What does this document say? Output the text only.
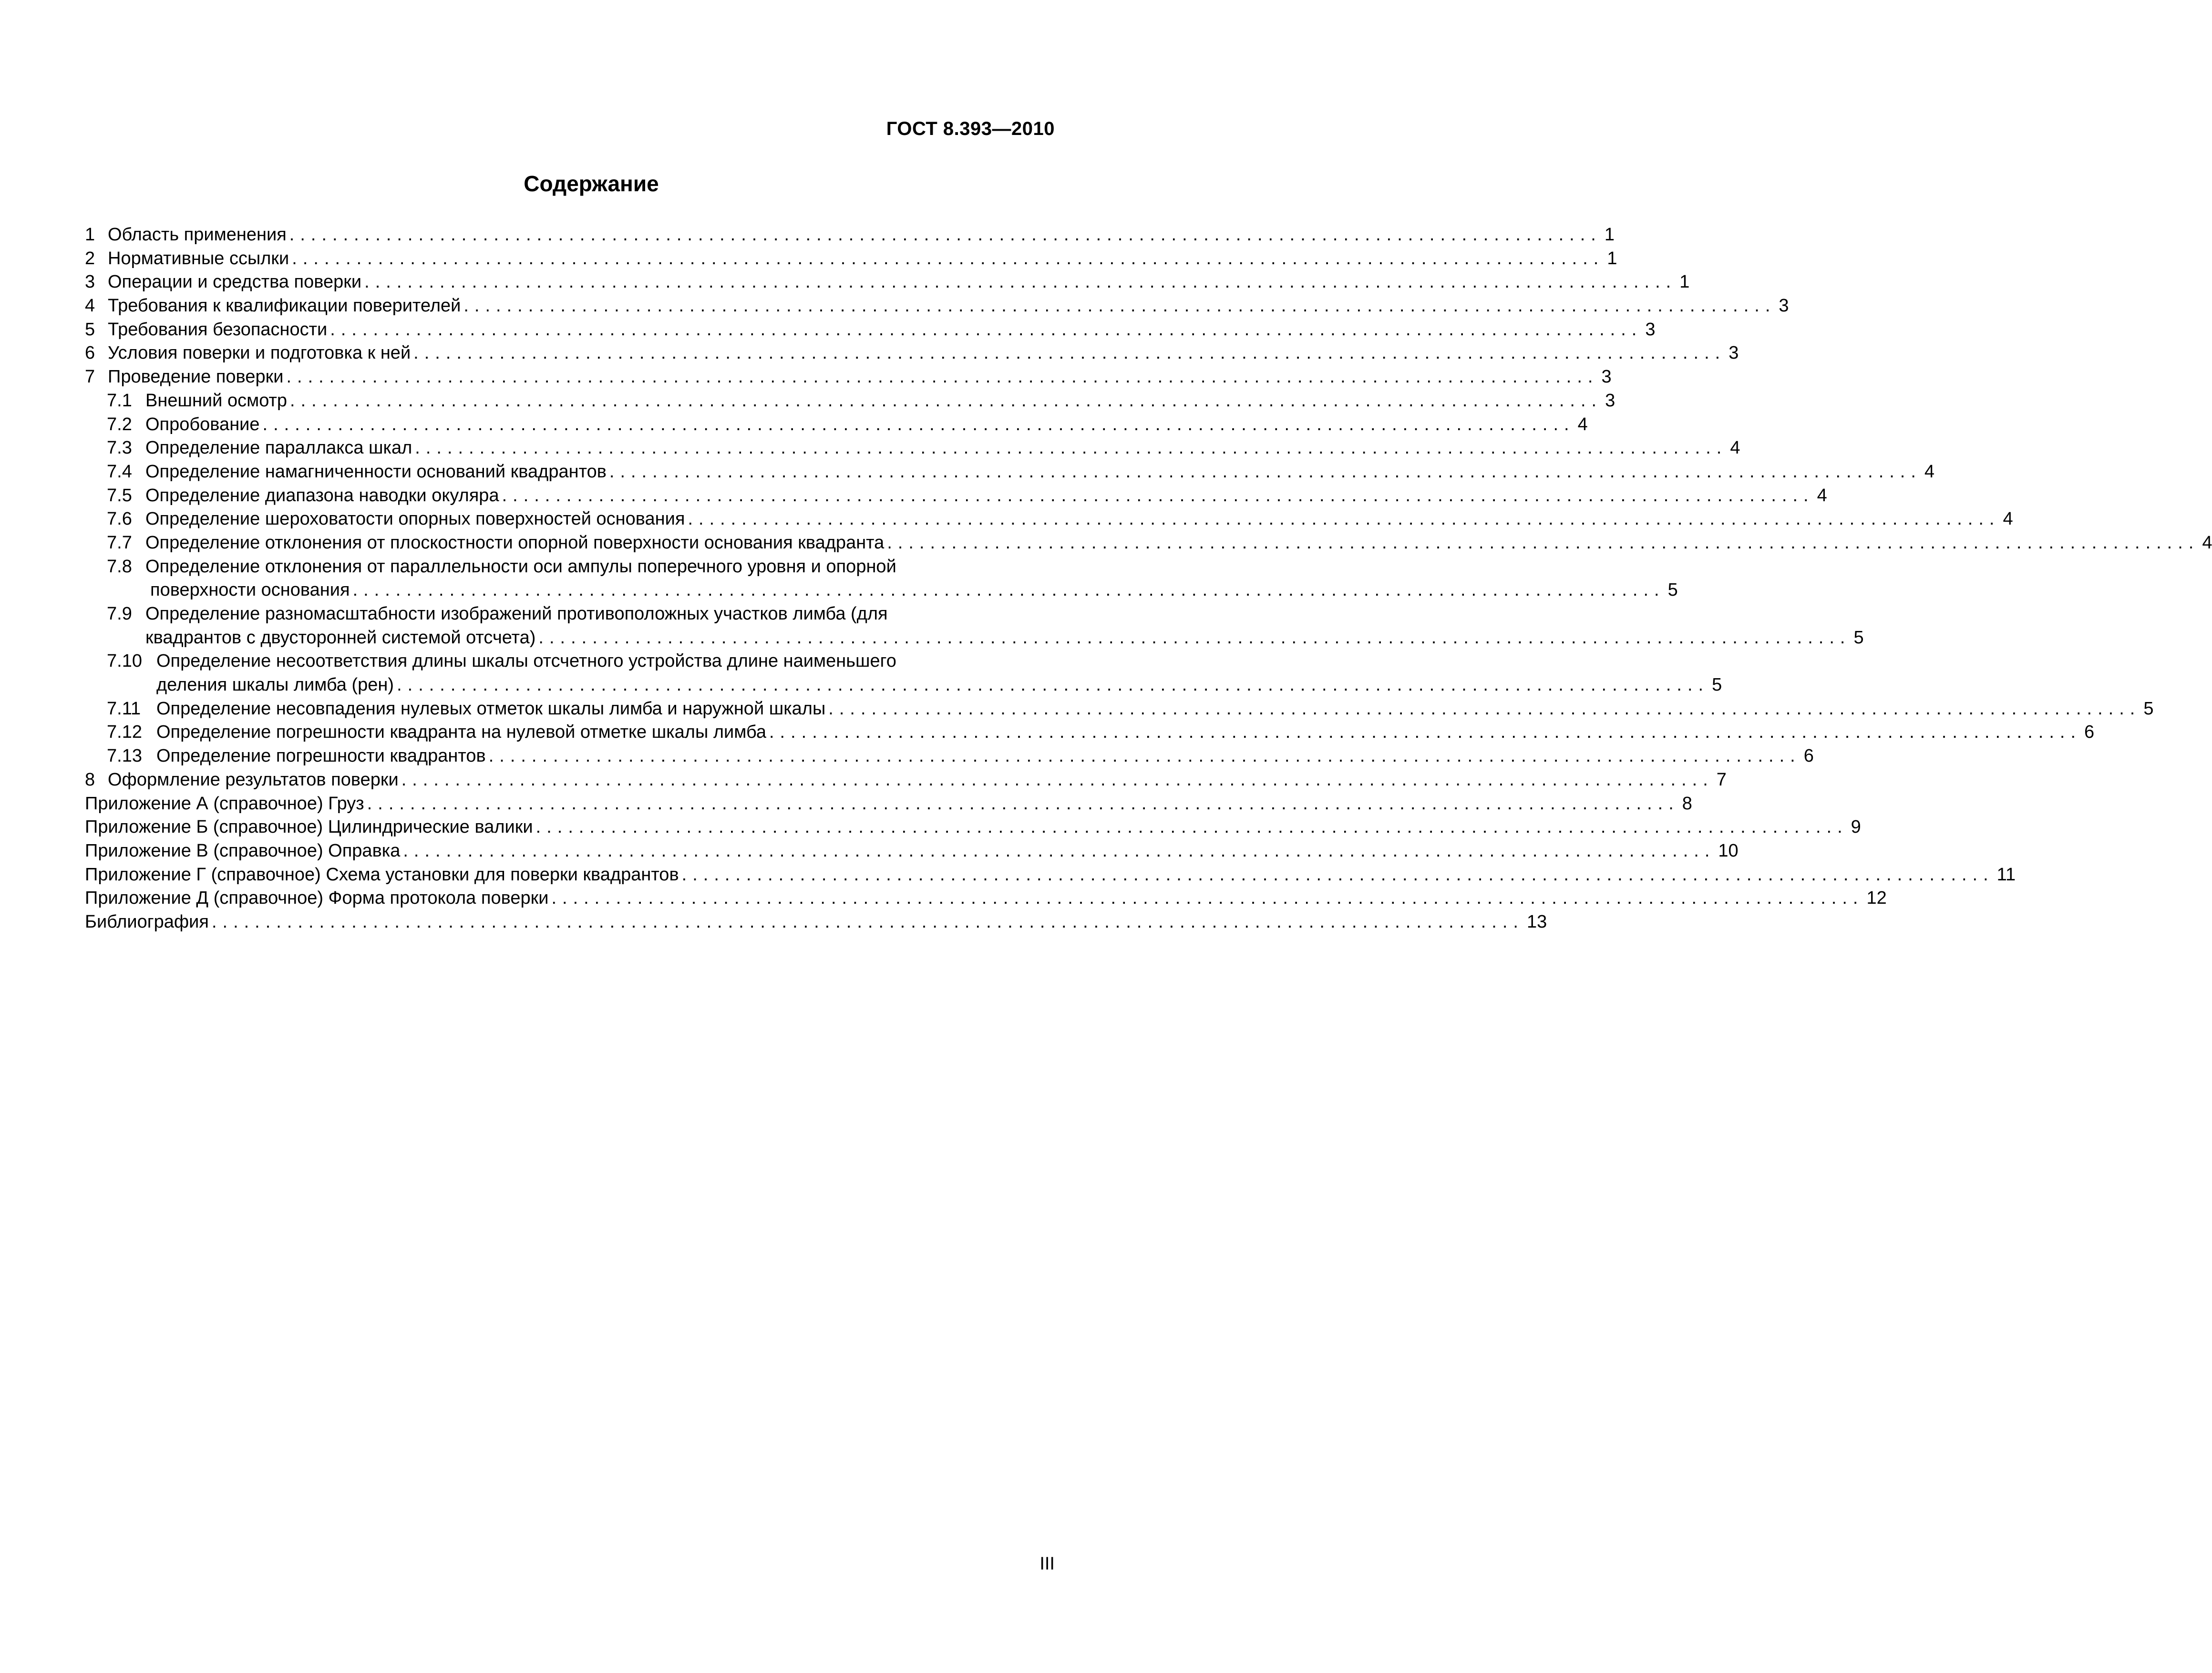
ГОСТ 8.393—2010
Содержание
1 Область применения .......................................................................................................................... 1
2 Нормативные ссылки .......................................................................................................................... 1
3 Операции и средства поверки .......................................................................................................................... 1
4 Требования к квалификации поверителей .......................................................................................................................... 3
5 Требования безопасности .......................................................................................................................... 3
6 Условия поверки и подготовка к ней .......................................................................................................................... 3
7 Проведение поверки .......................................................................................................................... 3
7.1 Внешний осмотр .......................................................................................................................... 3
7.2 Опробование .......................................................................................................................... 4
7.3 Определение параллакса шкал .......................................................................................................................... 4
7.4 Определение намагниченности оснований квадрантов .......................................................................................................................... 4
7.5 Определение диапазона наводки окуляра .......................................................................................................................... 4
7.6 Определение шероховатости опорных поверхностей основания .......................................................................................................................... 4
7.7 Определение отклонения от плоскостности опорной поверхности основания квадранта .......................................................................................................................... 4
7.8 Определение отклонения от параллельности оси ампулы поперечного уровня и опорной
поверхности основания .......................................................................................................................... 5
7.9 Определение разномасштабности изображений противоположных участков лимба (для
квадрантов с двусторонней системой отсчета) .......................................................................................................................... 5
7.10 Определение несоответствия длины шкалы отсчетного устройства длине наименьшего
деления шкалы лимба (рен) .......................................................................................................................... 5
7.11 Определение несовпадения нулевых отметок шкалы лимба и наружной шкалы .......................................................................................................................... 5
7.12 Определение погрешности квадранта на нулевой отметке шкалы лимба .......................................................................................................................... 6
7.13 Определение погрешности квадрантов .......................................................................................................................... 6
8 Оформление результатов поверки .......................................................................................................................... 7
Приложение А (справочное) Груз .......................................................................................................................... 8
Приложение Б (справочное) Цилиндрические валики .......................................................................................................................... 9
Приложение В (справочное) Оправка .......................................................................................................................... 10
Приложение Г (справочное) Схема установки для поверки квадрантов .......................................................................................................................... 11
Приложение Д (справочное) Форма протокола поверки .......................................................................................................................... 12
Библиография .......................................................................................................................... 13
III
